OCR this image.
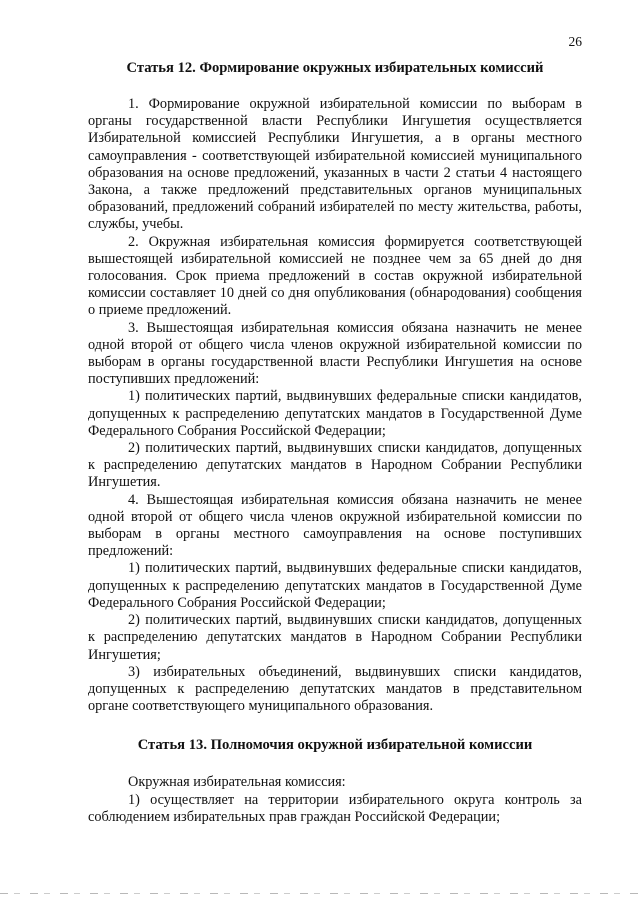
26
Статья 12. Формирование окружных избирательных комиссий

1. Формирование окружной избирательной комиссии по выборам в органы государственной власти Республики Ингушетия осуществляется Избирательной комиссией Республики Ингушетия, а в органы местного самоуправления - соответствующей избирательной комиссией муниципального образования на основе предложений, указанных в части 2 статьи 4 настоящего Закона, а также предложений представительных органов муниципальных образований, предложений собраний избирателей по месту жительства, работы, службы, учебы.

2. Окружная избирательная комиссия формируется соответствующей вышестоящей избирательной комиссией не позднее чем за 65 дней до дня голосования. Срок приема предложений в состав окружной избирательной комиссии составляет 10 дней со дня опубликования (обнародования) сообщения о приеме предложений.

3. Вышестоящая избирательная комиссия обязана назначить не менее одной второй от общего числа членов окружной избирательной комиссии по выборам в органы государственной власти Республики Ингушетия на основе поступивших предложений:

1) политических партий, выдвинувших федеральные списки кандидатов, допущенных к распределению депутатских мандатов в Государственной Думе Федерального Собрания Российской Федерации;

2) политических партий, выдвинувших списки кандидатов, допущенных к распределению депутатских мандатов в Народном Собрании Республики Ингушетия.

4. Вышестоящая избирательная комиссия обязана назначить не менее одной второй от общего числа членов окружной избирательной комиссии по выборам в органы местного самоуправления на основе поступивших предложений:

1) политических партий, выдвинувших федеральные списки кандидатов, допущенных к распределению депутатских мандатов в Государственной Думе Федерального Собрания Российской Федерации;

2) политических партий, выдвинувших списки кандидатов, допущенных к распределению депутатских мандатов в Народном Собрании Республики Ингушетия;

3) избирательных объединений, выдвинувших списки кандидатов, допущенных к распределению депутатских мандатов в представительном органе соответствующего муниципального образования.

Статья 13. Полномочия окружной избирательной комиссии

Окружная избирательная комиссия:

1) осуществляет на территории избирательного округа контроль за соблюдением избирательных прав граждан Российской Федерации;
